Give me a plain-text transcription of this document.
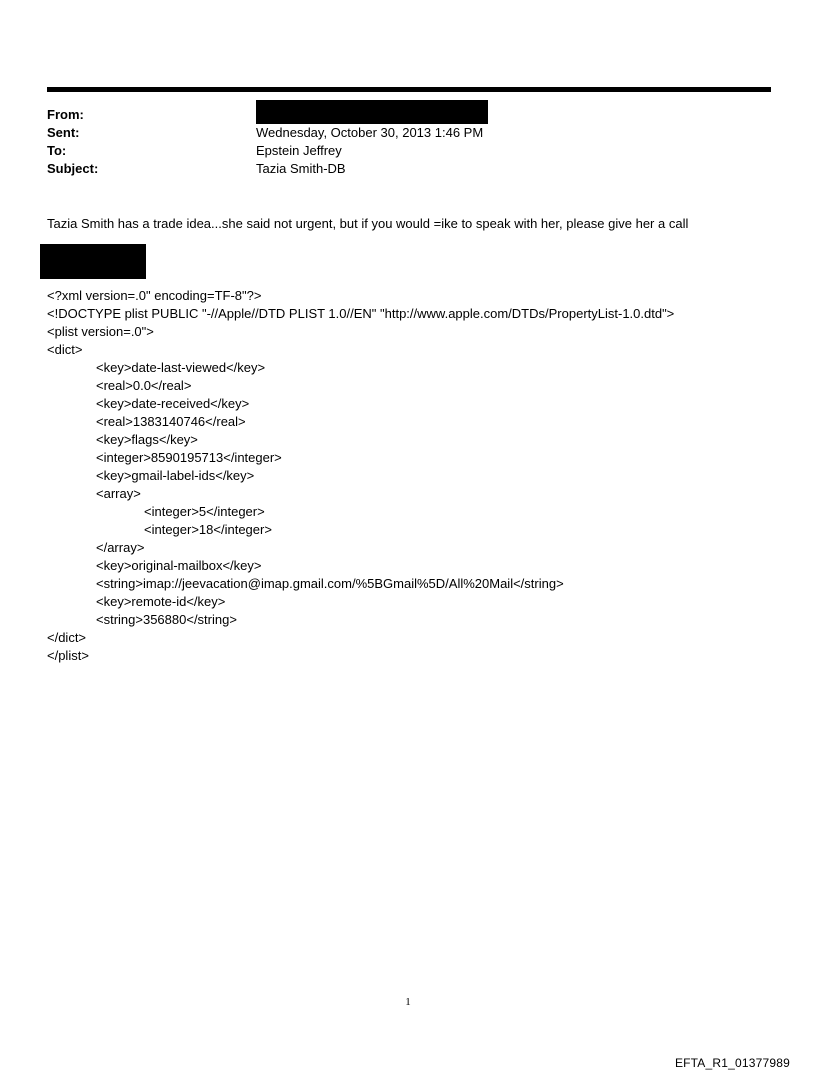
From:
Sent:	Wednesday, October 30, 2013 1:46 PM
To:	Epstein Jeffrey
Subject:	Tazia Smith-DB
Tazia Smith has a trade idea...she said not urgent, but if you would =ike to speak with her, please give her a call
<?xml version=.0" encoding=TF-8"?>
<!DOCTYPE plist PUBLIC "-//Apple//DTD PLIST 1.0//EN" "http://www.apple.com/DTDs/PropertyList-1.0.dtd">
<plist version=.0">
<dict>
<key>date-last-viewed</key>
<real>0.0</real>
<key>date-received</key>
<real>1383140746</real>
<key>flags</key>
<integer>8590195713</integer>
<key>gmail-label-ids</key>
<array>
<integer>5</integer>
<integer>18</integer>
</array>
<key>original-mailbox</key>
<string>imap://jeevacation@imap.gmail.com/%5BGmail%5D/All%20Mail</string>
<key>remote-id</key>
<string>356880</string>
</dict>
</plist>
1
EFTA_R1_01377989
